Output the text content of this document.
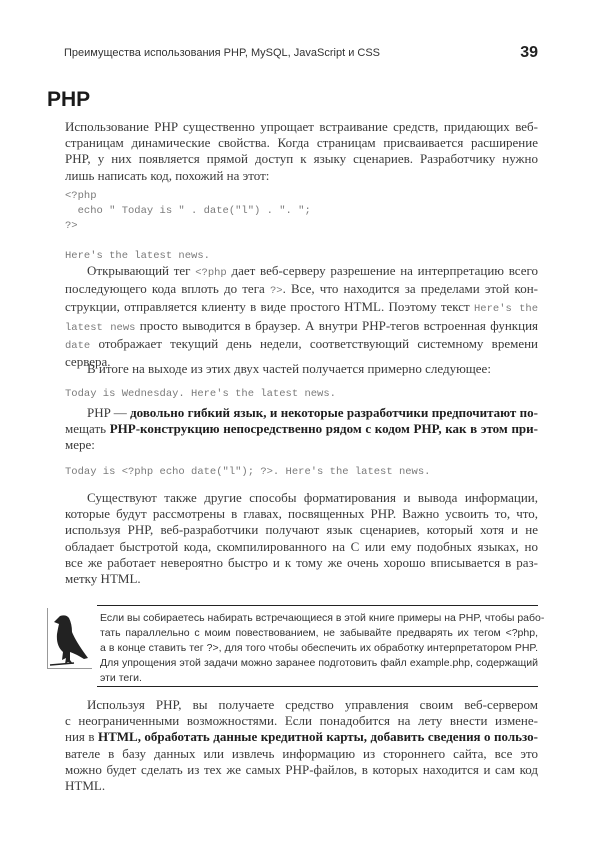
Преимущества использования PHP, MySQL, JavaScript и CSS	39
PHP
Использование PHP существенно упрощает встраивание средств, придающих веб-
страницам динамические свойства. Когда страницам присваивается расширение
PHP, у них появляется прямой доступ к языку сценариев. Разработчику нужно
лишь написать код, похожий на этот:
<?php
echo " Today is " . date("l") . ". ";
?>

Here's the latest news.
Открывающий тег <?php дает веб-серверу разрешение на интерпретацию всего
последующего кода вплоть до тега ?>. Все, что находится за пределами этой кон-
струкции, отправляется клиенту в виде простого HTML. Поэтому текст Here's the
latest news просто выводится в браузер. А внутри PHP-тегов встроенная функция
date отображает текущий день недели, соответствующий системному времени
сервера.
В итоге на выходе из этих двух частей получается примерно следующее:
Today is Wednesday. Here's the latest news.
PHP — довольно гибкий язык, и некоторые разработчики предпочитают по-
мещать PHP-конструкцию непосредственно рядом с кодом PHP, как в этом при-
мере:
Today is <?php echo date("l"); ?>. Here's the latest news.
Существуют также другие способы форматирования и вывода информации,
которые будут рассмотрены в главах, посвященных PHP. Важно усвоить то, что,
используя PHP, веб-разработчики получают язык сценариев, который хотя и не
обладает быстротой кода, скомпилированного на C или ему подобных языках, но
все же работает невероятно быстро и к тому же очень хорошо вписывается в раз-
метку HTML.
Используя PHP, вы получаете средство управления своим веб-сервером
с неограниченными возможностями. Если понадобится на лету внести измене-
ния в HTML, обработать данные кредитной карты, добавить сведения о пользо-
вателе в базу данных или извлечь информацию из стороннего сайта, все это
можно будет сделать из тех же самых PHP-файлов, в которых находится и сам код
HTML.
Если вы собираетесь набирать встречающиеся в этой книге примеры на PHP, чтобы рабо-
тать параллельно с моим повествованием, не забывайте предварять их тегом <?php,
а в конце ставить тег ?>, для того чтобы обеспечить их обработку интерпретатором PHP.
Для упрощения этой задачи можно заранее подготовить файл example.php, содержащий
эти теги.
